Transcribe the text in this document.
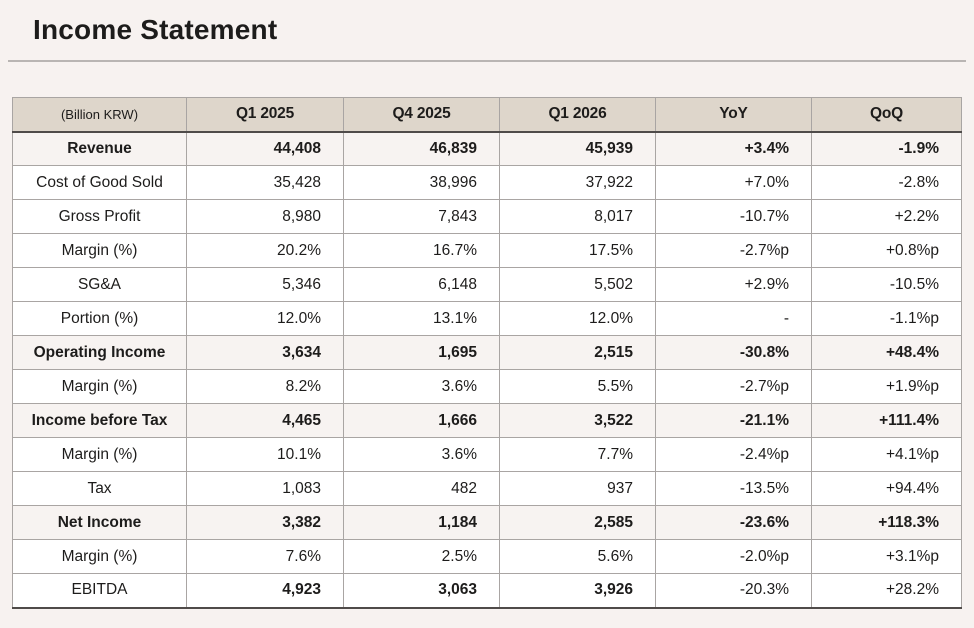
Income Statement
(Billion KRW)	Q1 2025	Q4 2025	Q1 2026	YoY	QoQ
Revenue	44,408	46,839	45,939	+3.4%	-1.9%
Cost of Good Sold	35,428	38,996	37,922	+7.0%	-2.8%
Gross Profit	8,980	7,843	8,017	-10.7%	+2.2%
Margin (%)	20.2%	16.7%	17.5%	-2.7%p	+0.8%p
SG&A	5,346	6,148	5,502	+2.9%	-10.5%
Portion (%)	12.0%	13.1%	12.0%	-	-1.1%p
Operating Income	3,634	1,695	2,515	-30.8%	+48.4%
Margin (%)	8.2%	3.6%	5.5%	-2.7%p	+1.9%p
Income before Tax	4,465	1,666	3,522	-21.1%	+111.4%
Margin (%)	10.1%	3.6%	7.7%	-2.4%p	+4.1%p
Tax	1,083	482	937	-13.5%	+94.4%
Net Income	3,382	1,184	2,585	-23.6%	+118.3%
Margin (%)	7.6%	2.5%	5.6%	-2.0%p	+3.1%p
EBITDA	4,923	3,063	3,926	-20.3%	+28.2%
